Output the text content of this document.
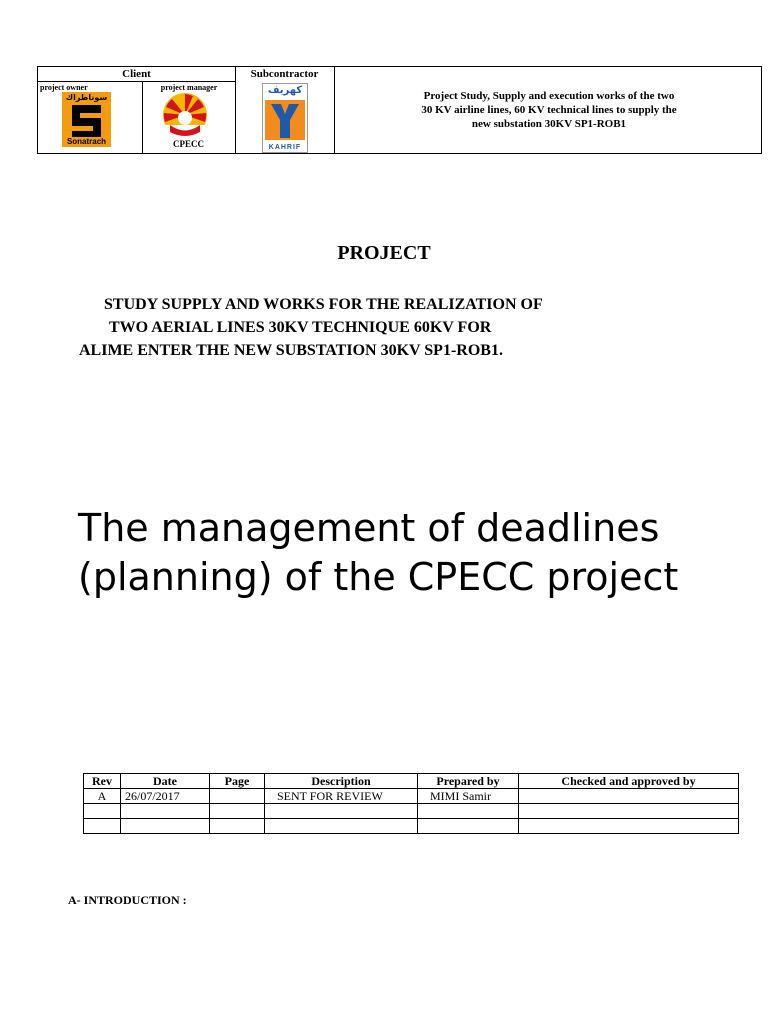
Client	Subcontractor
project owner	project manager
سوناطراك
Sonatrach	CPECC
كهريف
KAHRIF
Project Study, Supply and execution works of the two
30 KV airline lines, 60 KV technical lines to supply the
new substation 30KV SP1-ROB1
PROJECT
STUDY SUPPLY AND WORKS FOR THE REALIZATION OF
TWO AERIAL LINES 30KV TECHNIQUE 60KV FOR
ALIME ENTER THE NEW SUBSTATION 30KV SP1-ROB1.
The management of deadlines
(planning) of the CPECC project
Rev	Date	Page	Description	Prepared by	Checked and approved by
A	26/07/2017		SENT FOR REVIEW	MIMI Samir	

A- INTRODUCTION :
